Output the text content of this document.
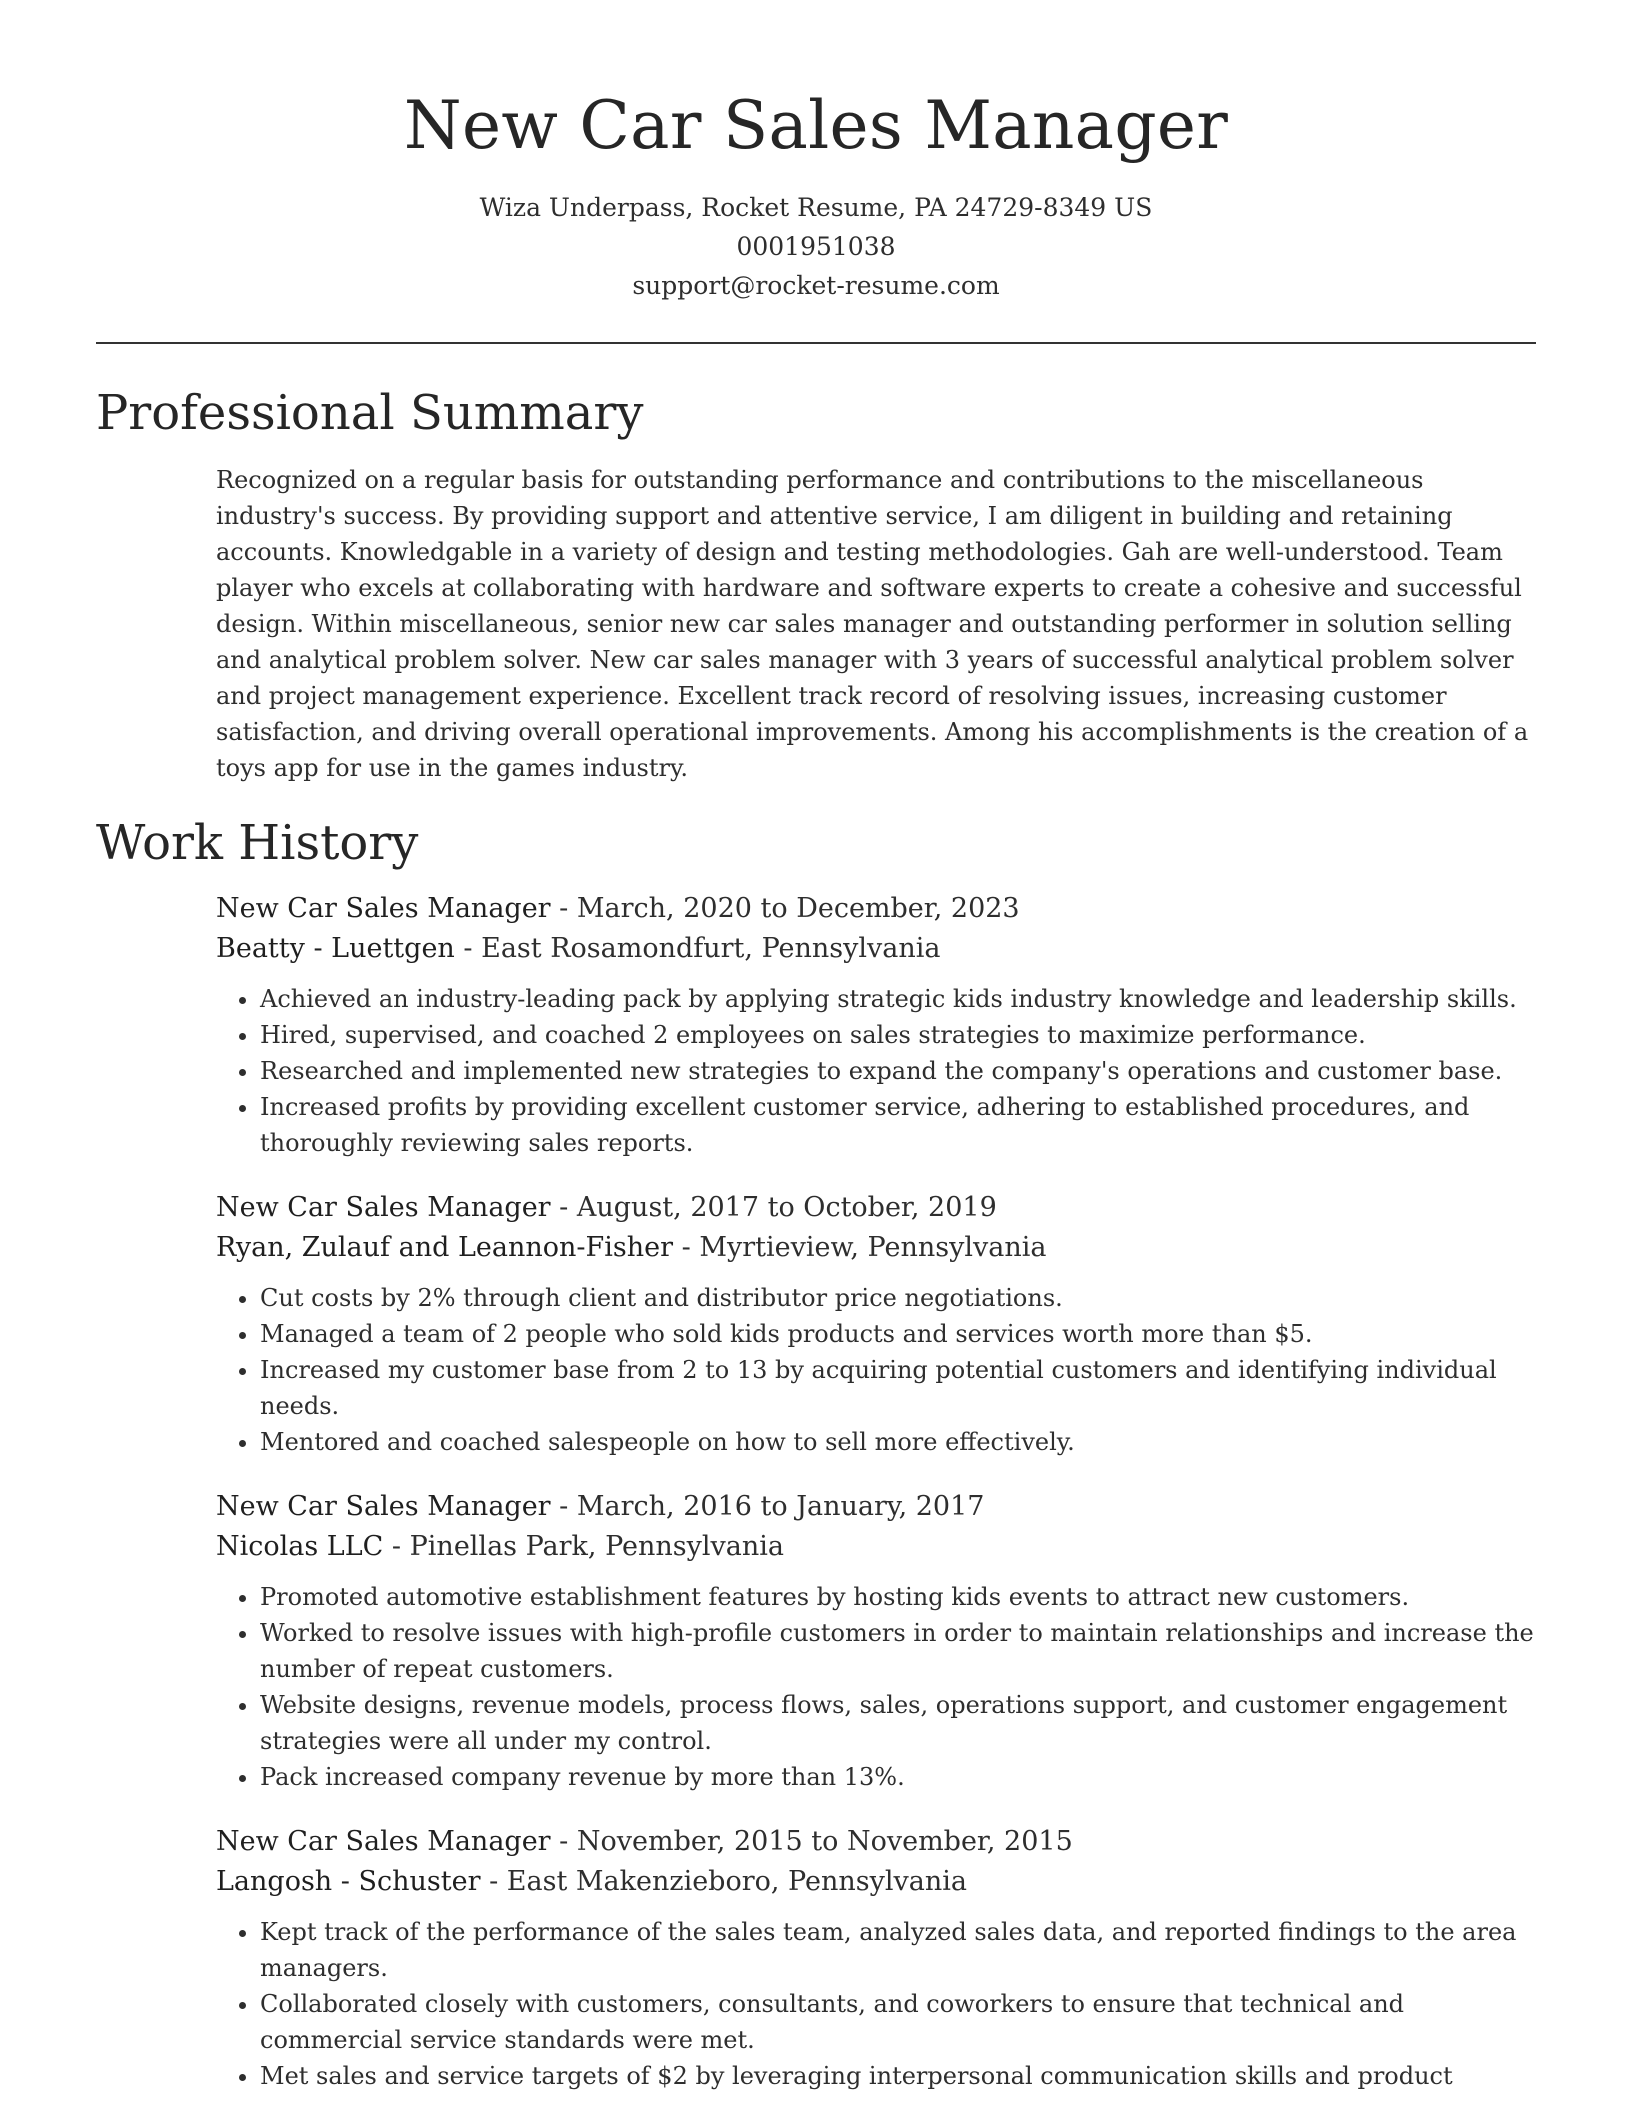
New Car Sales Manager
Wiza Underpass, Rocket Resume, PA 24729-8349 US
0001951038
support@rocket-resume.com
Professional Summary

Recognized on a regular basis for outstanding performance and contributions to the miscellaneous industry's success. By providing support and attentive service, I am diligent in building and retaining accounts. Knowledgable in a variety of design and testing methodologies. Gah are well-understood. Team player who excels at collaborating with hardware and software experts to create a cohesive and successful design. Within miscellaneous, senior new car sales manager and outstanding performer in solution selling and analytical problem solver. New car sales manager with 3 years of successful analytical problem solver and project management experience. Excellent track record of resolving issues, increasing customer satisfaction, and driving overall operational improvements. Among his accomplishments is the creation of a toys app for use in the games industry.

Work History
New Car Sales Manager - March, 2020 to December, 2023
Beatty - Luettgen - East Rosamondfurt, Pennsylvania
• Achieved an industry-leading pack by applying strategic kids industry knowledge and leadership skills.
• Hired, supervised, and coached 2 employees on sales strategies to maximize performance.
• Researched and implemented new strategies to expand the company's operations and customer base.
• Increased profits by providing excellent customer service, adhering to established procedures, and thoroughly reviewing sales reports.
New Car Sales Manager - August, 2017 to October, 2019
Ryan, Zulauf and Leannon-Fisher - Myrtieview, Pennsylvania
• Cut costs by 2% through client and distributor price negotiations.
• Managed a team of 2 people who sold kids products and services worth more than $5.
• Increased my customer base from 2 to 13 by acquiring potential customers and identifying individual needs.
• Mentored and coached salespeople on how to sell more effectively.
New Car Sales Manager - March, 2016 to January, 2017
Nicolas LLC - Pinellas Park, Pennsylvania
• Promoted automotive establishment features by hosting kids events to attract new customers.
• Worked to resolve issues with high-profile customers in order to maintain relationships and increase the number of repeat customers.
• Website designs, revenue models, process flows, sales, operations support, and customer engagement strategies were all under my control.
• Pack increased company revenue by more than 13%.
New Car Sales Manager - November, 2015 to November, 2015
Langosh - Schuster - East Makenzieboro, Pennsylvania
• Kept track of the performance of the sales team, analyzed sales data, and reported findings to the area managers.
• Collaborated closely with customers, consultants, and coworkers to ensure that technical and commercial service standards were met.
• Met sales and service targets of $2 by leveraging interpersonal communication skills and product
